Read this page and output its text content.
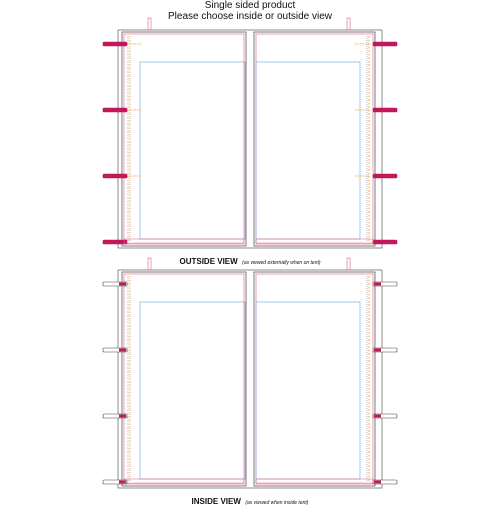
Single sided product
Please choose inside or outside view
OUTSIDE VIEW (as viewed externally when on tent)
INSIDE VIEW (as viewed when inside tent)
